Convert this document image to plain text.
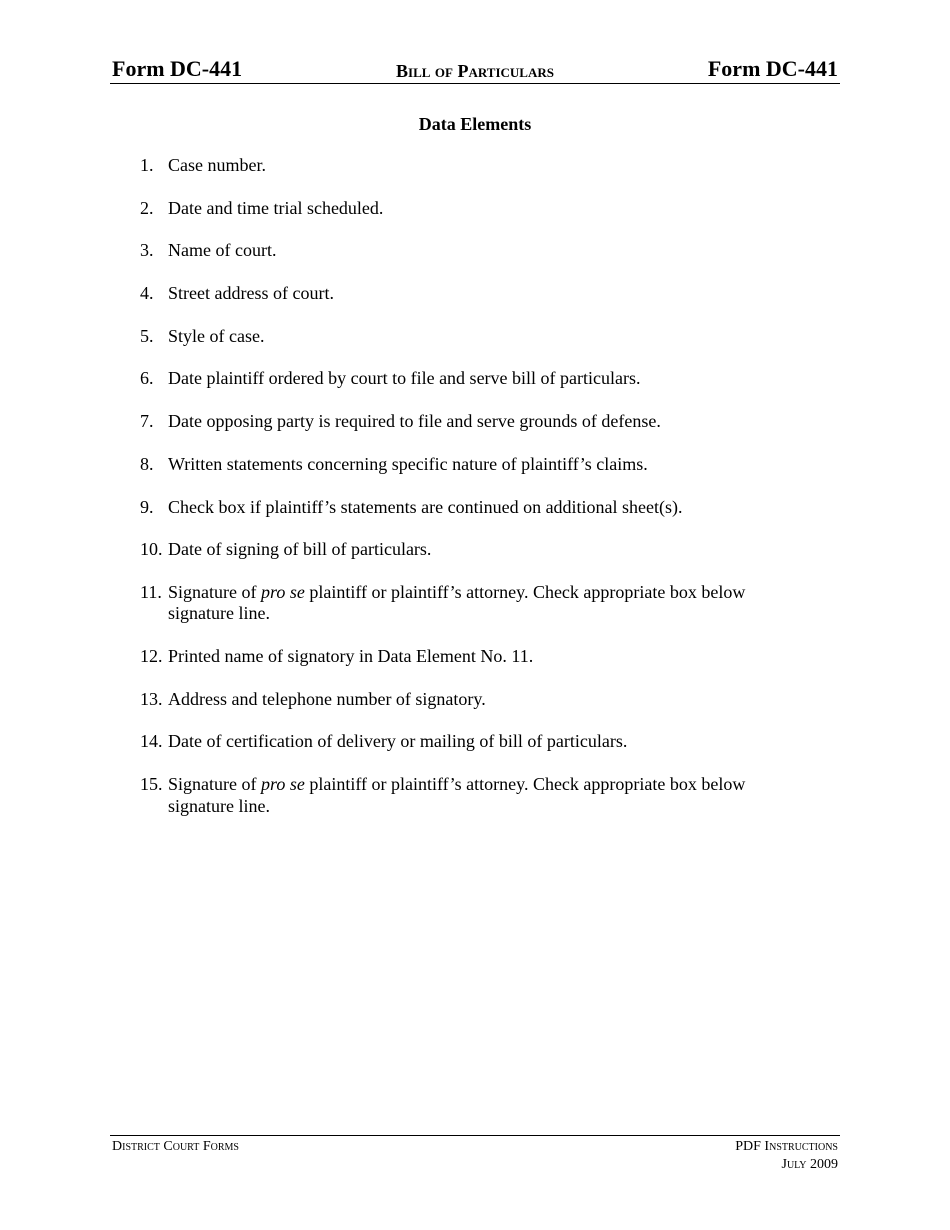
Form DC-441	Bill of Particulars	Form DC-441
Data Elements
1. Case number.
2. Date and time trial scheduled.
3. Name of court.
4. Street address of court.
5. Style of case.
6. Date plaintiff ordered by court to file and serve bill of particulars.
7. Date opposing party is required to file and serve grounds of defense.
8. Written statements concerning specific nature of plaintiff’s claims.
9. Check box if plaintiff’s statements are continued on additional sheet(s).
10. Date of signing of bill of particulars.
11. Signature of pro se plaintiff or plaintiff’s attorney. Check appropriate box below signature line.
12. Printed name of signatory in Data Element No. 11.
13. Address and telephone number of signatory.
14. Date of certification of delivery or mailing of bill of particulars.
15. Signature of pro se plaintiff or plaintiff’s attorney. Check appropriate box below signature line.
District Court Forms	PDF Instructions
July 2009
